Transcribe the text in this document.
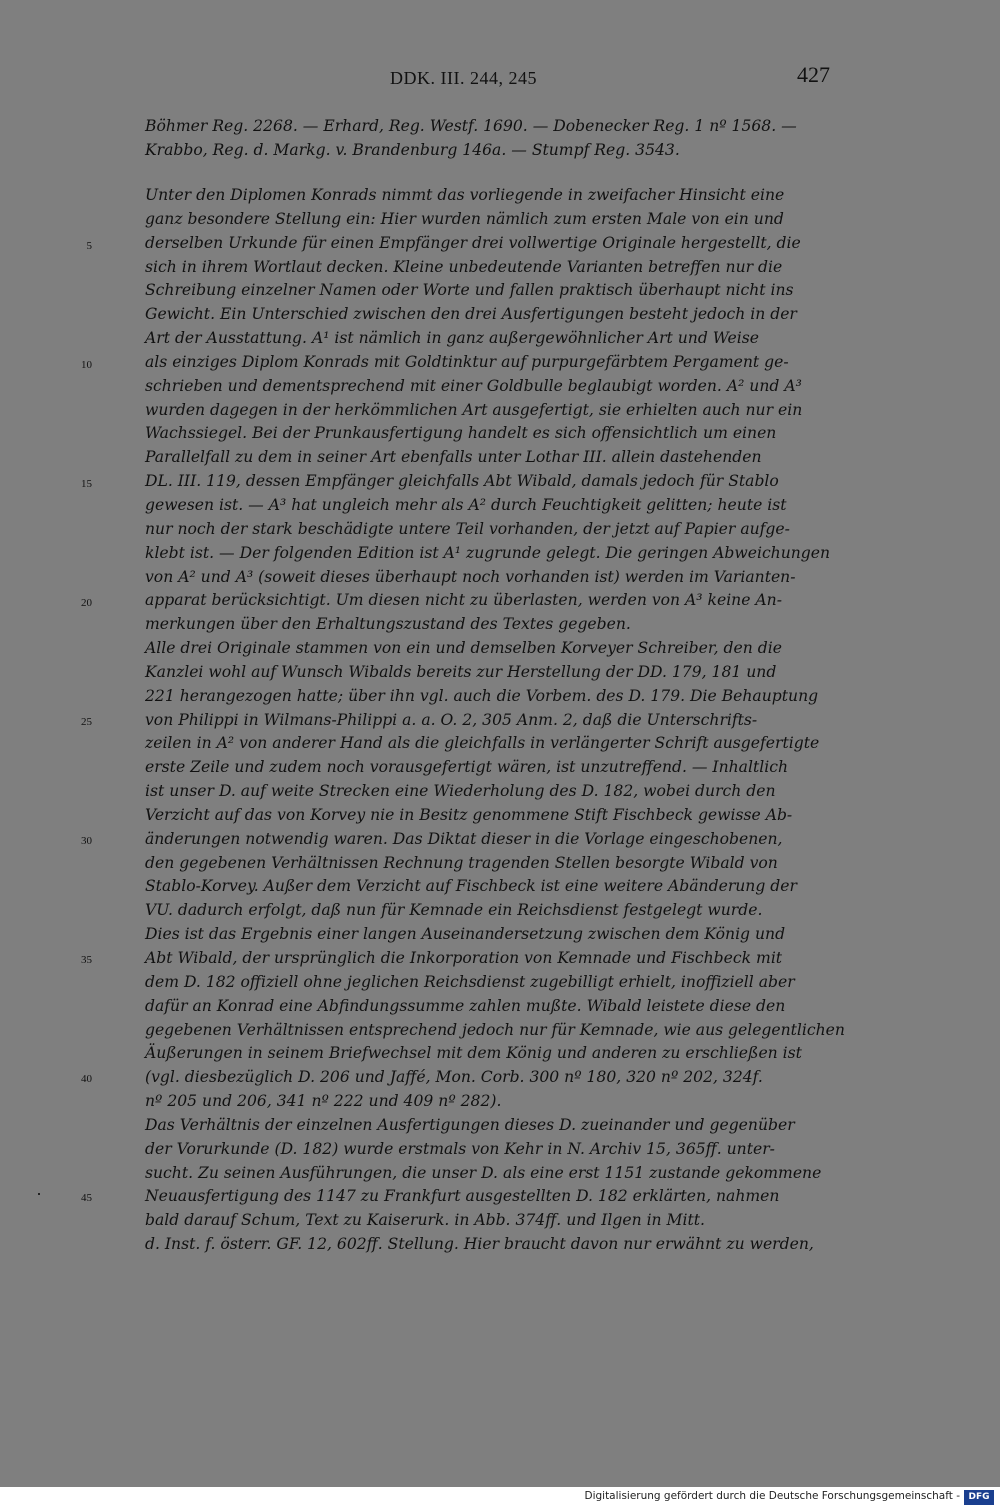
DDK. III. 244, 245	427
Böhmer Reg. 2268. — Erhard, Reg. Westf. 1690. — Dobenecker Reg. 1 nº 1568. —
Krabbo, Reg. d. Markg. v. Brandenburg 146a. — Stumpf Reg. 3543.
5
10
15
20
25
30
35
40
45
Unter den Diplomen Konrads nimmt das vorliegende in zweifacher Hinsicht eine
ganz besondere Stellung ein: Hier wurden nämlich zum ersten Male von ein und
derselben Urkunde für einen Empfänger drei vollwertige Originale hergestellt, die
sich in ihrem Wortlaut decken. Kleine unbedeutende Varianten betreffen nur die
Schreibung einzelner Namen oder Worte und fallen praktisch überhaupt nicht ins
Gewicht. Ein Unterschied zwischen den drei Ausfertigungen besteht jedoch in der
Art der Ausstattung. A¹ ist nämlich in ganz außergewöhnlicher Art und Weise
als einziges Diplom Konrads mit Goldtinktur auf purpurgefärbtem Pergament ge-
schrieben und dementsprechend mit einer Goldbulle beglaubigt worden. A² und A³
wurden dagegen in der herkömmlichen Art ausgefertigt, sie erhielten auch nur ein
Wachssiegel. Bei der Prunkausfertigung handelt es sich offensichtlich um einen
Parallelfall zu dem in seiner Art ebenfalls unter Lothar III. allein dastehenden
DL. III. 119, dessen Empfänger gleichfalls Abt Wibald, damals jedoch für Stablo
gewesen ist. — A³ hat ungleich mehr als A² durch Feuchtigkeit gelitten; heute ist
nur noch der stark beschädigte untere Teil vorhanden, der jetzt auf Papier aufge-
klebt ist. — Der folgenden Edition ist A¹ zugrunde gelegt. Die geringen Abweichungen
von A² und A³ (soweit dieses überhaupt noch vorhanden ist) werden im Varianten-
apparat berücksichtigt. Um diesen nicht zu überlasten, werden von A³ keine An-
merkungen über den Erhaltungszustand des Textes gegeben.
Alle drei Originale stammen von ein und demselben Korveyer Schreiber, den die
Kanzlei wohl auf Wunsch Wibalds bereits zur Herstellung der DD. 179, 181 und
221 herangezogen hatte; über ihn vgl. auch die Vorbem. des D. 179. Die Behauptung
von Philippi in Wilmans-Philippi a. a. O. 2, 305 Anm. 2, daß die Unterschrifts-
zeilen in A² von anderer Hand als die gleichfalls in verlängerter Schrift ausgefertigte
erste Zeile und zudem noch vorausgefertigt wären, ist unzutreffend. — Inhaltlich
ist unser D. auf weite Strecken eine Wiederholung des D. 182, wobei durch den
Verzicht auf das von Korvey nie in Besitz genommene Stift Fischbeck gewisse Ab-
änderungen notwendig waren. Das Diktat dieser in die Vorlage eingeschobenen,
den gegebenen Verhältnissen Rechnung tragenden Stellen besorgte Wibald von
Stablo-Korvey. Außer dem Verzicht auf Fischbeck ist eine weitere Abänderung der
VU. dadurch erfolgt, daß nun für Kemnade ein Reichsdienst festgelegt wurde.
Dies ist das Ergebnis einer langen Auseinandersetzung zwischen dem König und
Abt Wibald, der ursprünglich die Inkorporation von Kemnade und Fischbeck mit
dem D. 182 offiziell ohne jeglichen Reichsdienst zugebilligt erhielt, inoffiziell aber
dafür an Konrad eine Abfindungssumme zahlen mußte. Wibald leistete diese den
gegebenen Verhältnissen entsprechend jedoch nur für Kemnade, wie aus gelegentlichen
Äußerungen in seinem Briefwechsel mit dem König und anderen zu erschließen ist
(vgl. diesbezüglich D. 206 und Jaffé, Mon. Corb. 300 nº 180, 320 nº 202, 324f.
nº 205 und 206, 341 nº 222 und 409 nº 282).
Das Verhältnis der einzelnen Ausfertigungen dieses D. zueinander und gegenüber
der Vorurkunde (D. 182) wurde erstmals von Kehr in N. Archiv 15, 365ff. unter-
sucht. Zu seinen Ausführungen, die unser D. als eine erst 1151 zustande gekommene
Neuausfertigung des 1147 zu Frankfurt ausgestellten D. 182 erklärten, nahmen
bald darauf Schum, Text zu Kaiserurk. in Abb. 374ff. und Ilgen in Mitt.
d. Inst. f. österr. GF. 12, 602ff. Stellung. Hier braucht davon nur erwähnt zu werden,
Digitalisierung gefördert durch die Deutsche Forschungsgemeinschaft - DFG
